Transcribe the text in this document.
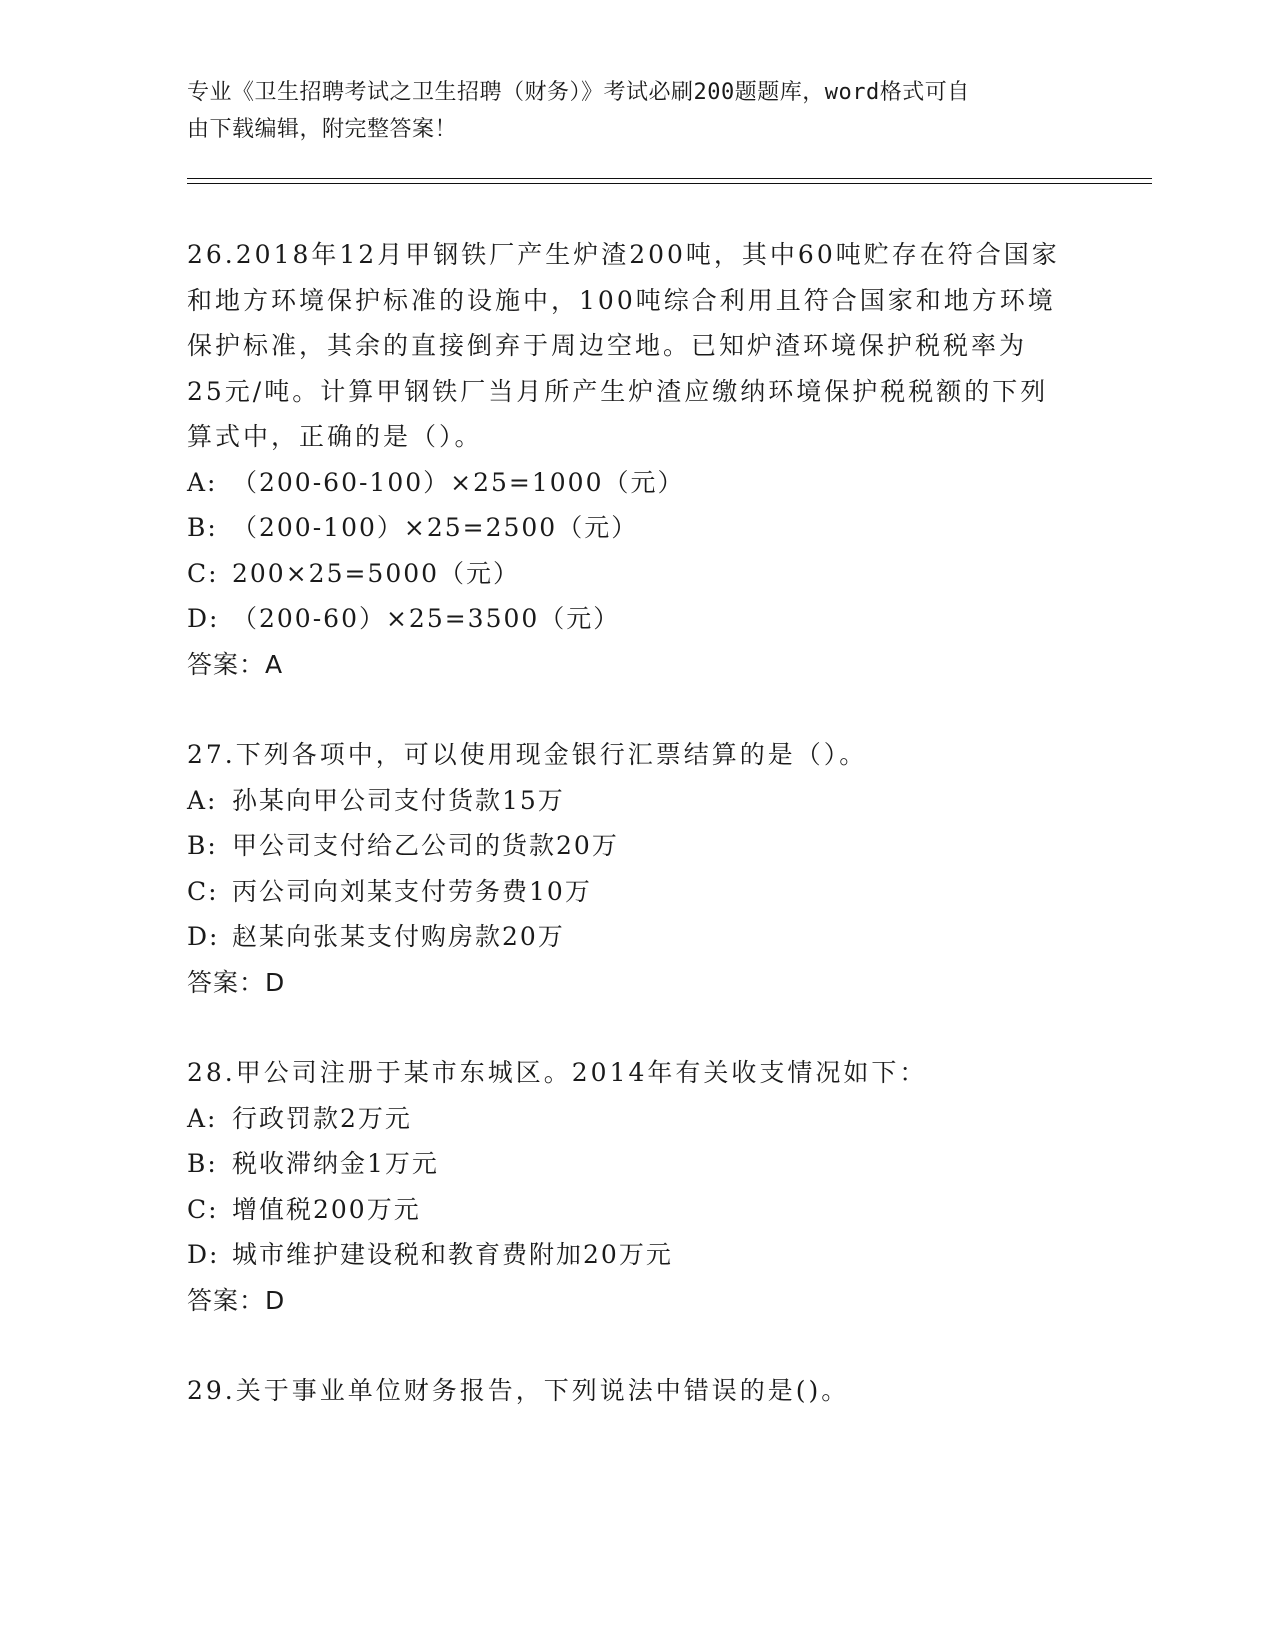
专业《卫生招聘考试之卫生招聘（财务）》考试必刷200题题库，word格式可自
由下载编辑，附完整答案！

26.2018年12月甲钢铁厂产生炉渣200吨，其中60吨贮存在符合国家

和地方环境保护标准的设施中，100吨综合利用且符合国家和地方环境

保护标准，其余的直接倒弃于周边空地。已知炉渣环境保护税税率为

25元/吨。计算甲钢铁厂当月所产生炉渣应缴纳环境保护税税额的下列

算式中，正确的是（）。

A: （200-60-100）×25=1000（元）

B: （200-100）×25=2500（元）

C: 200×25=5000（元）

D: （200-60）×25=3500（元）

答案：A

27.下列各项中，可以使用现金银行汇票结算的是（）。

A: 孙某向甲公司支付货款15万

B: 甲公司支付给乙公司的货款20万

C: 丙公司向刘某支付劳务费10万

D: 赵某向张某支付购房款20万

答案：D

28.甲公司注册于某市东城区。2014年有关收支情况如下：

A: 行政罚款2万元

B: 税收滞纳金1万元

C: 增值税200万元

D: 城市维护建设税和教育费附加20万元

答案：D

29.关于事业单位财务报告，下列说法中错误的是()。
